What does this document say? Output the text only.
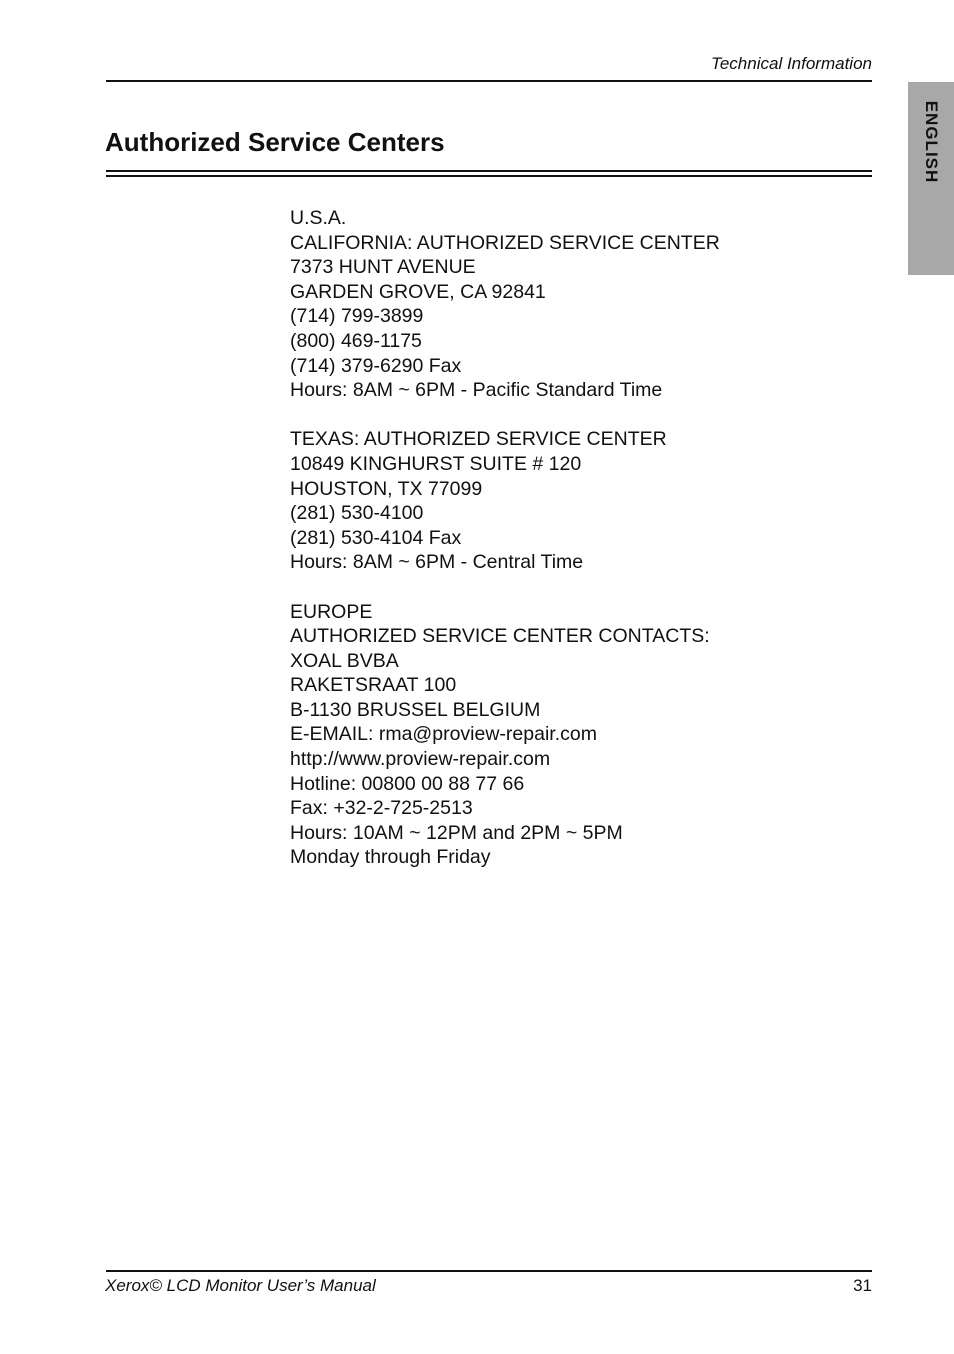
Technical Information
ENGLISH
Authorized Service Centers
U.S.A.
CALIFORNIA: AUTHORIZED SERVICE CENTER
7373 HUNT AVENUE
GARDEN GROVE, CA 92841
(714) 799-3899
(800) 469-1175
(714) 379-6290 Fax
Hours: 8AM ~ 6PM - Pacific Standard Time
TEXAS: AUTHORIZED SERVICE CENTER
10849 KINGHURST SUITE # 120
HOUSTON, TX 77099
(281) 530-4100
(281) 530-4104 Fax
Hours: 8AM ~ 6PM - Central Time
EUROPE
AUTHORIZED SERVICE CENTER CONTACTS:
XOAL BVBA
RAKETSRAAT 100
B-1130 BRUSSEL BELGIUM
E-EMAIL: rma@proview-repair.com
http://www.proview-repair.com
Hotline: 00800 00 88 77 66
Fax: +32-2-725-2513
Hours: 10AM ~ 12PM and 2PM ~ 5PM
Monday through Friday
Xerox© LCD Monitor User’s Manual	31
